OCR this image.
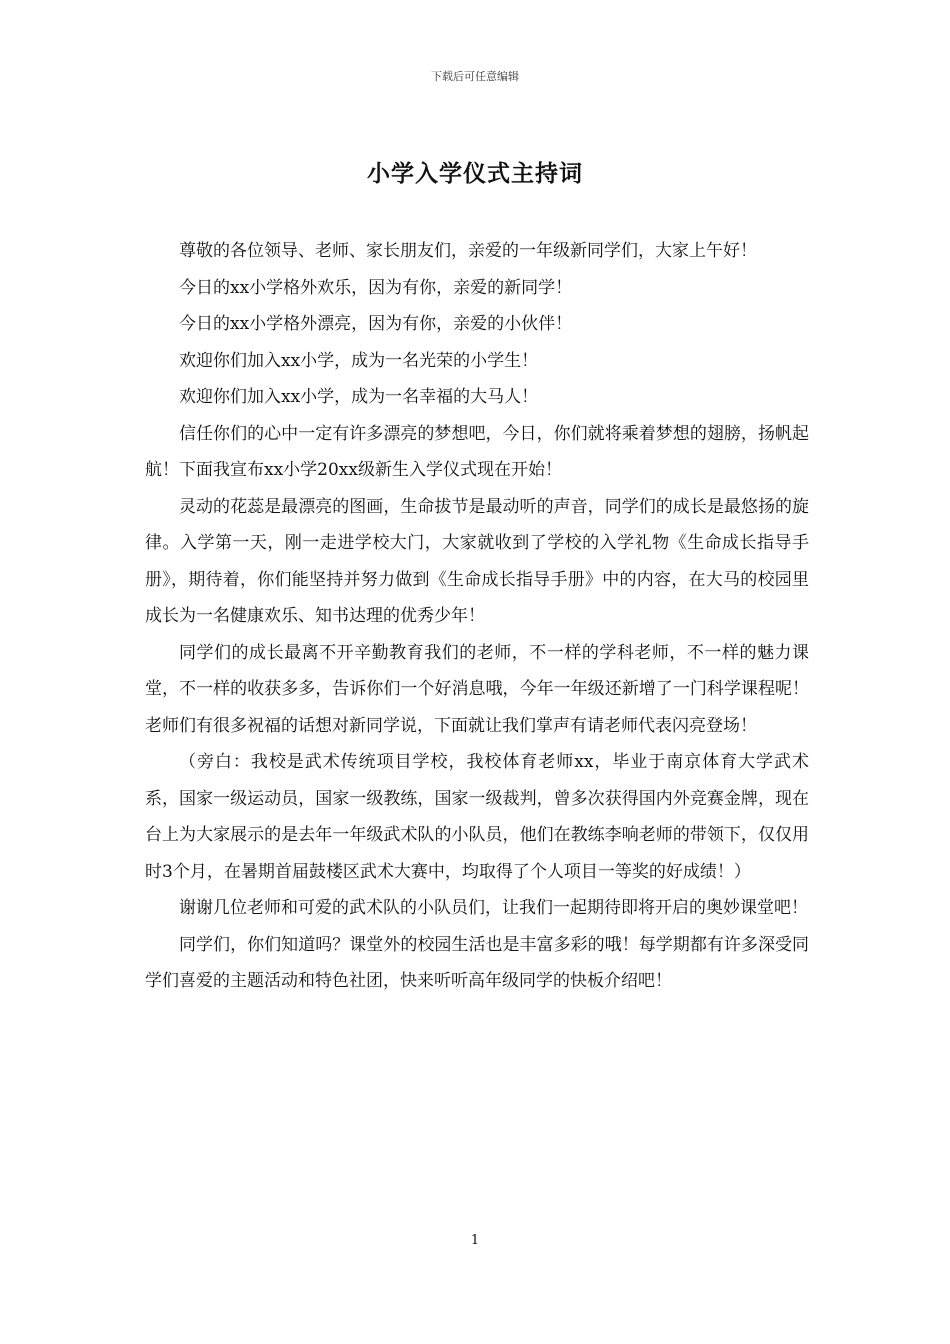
下载后可任意编辑
小学入学仪式主持词

尊敬的各位领导、老师、家长朋友们，亲爱的一年级新同学们，大家上午好！

今日的xx小学格外欢乐，因为有你，亲爱的新同学！

今日的xx小学格外漂亮，因为有你，亲爱的小伙伴！

欢迎你们加入xx小学，成为一名光荣的小学生！

欢迎你们加入xx小学，成为一名幸福的大马人！

信任你们的心中一定有许多漂亮的梦想吧，今日，你们就将乘着梦想的翅膀，扬帆起航！下面我宣布xx小学20xx级新生入学仪式现在开始！

灵动的花蕊是最漂亮的图画，生命拔节是最动听的声音，同学们的成长是最悠扬的旋律。入学第一天，刚一走进学校大门，大家就收到了学校的入学礼物《生命成长指导手册》，期待着，你们能坚持并努力做到《生命成长指导手册》中的内容，在大马的校园里成长为一名健康欢乐、知书达理的优秀少年！

同学们的成长最离不开辛勤教育我们的老师，不一样的学科老师，不一样的魅力课堂，不一样的收获多多，告诉你们一个好消息哦，今年一年级还新增了一门科学课程呢！老师们有很多祝福的话想对新同学说，下面就让我们掌声有请老师代表闪亮登场！

（旁白：我校是武术传统项目学校，我校体育老师xx，毕业于南京体育大学武术系，国家一级运动员，国家一级教练，国家一级裁判，曾多次获得国内外竞赛金牌，现在台上为大家展示的是去年一年级武术队的小队员，他们在教练李响老师的带领下，仅仅用时3个月，在暑期首届鼓楼区武术大赛中，均取得了个人项目一等奖的好成绩！）

谢谢几位老师和可爱的武术队的小队员们，让我们一起期待即将开启的奥妙课堂吧！

同学们，你们知道吗？课堂外的校园生活也是丰富多彩的哦！每学期都有许多深受同学们喜爱的主题活动和特色社团，快来听听高年级同学的快板介绍吧！

1
